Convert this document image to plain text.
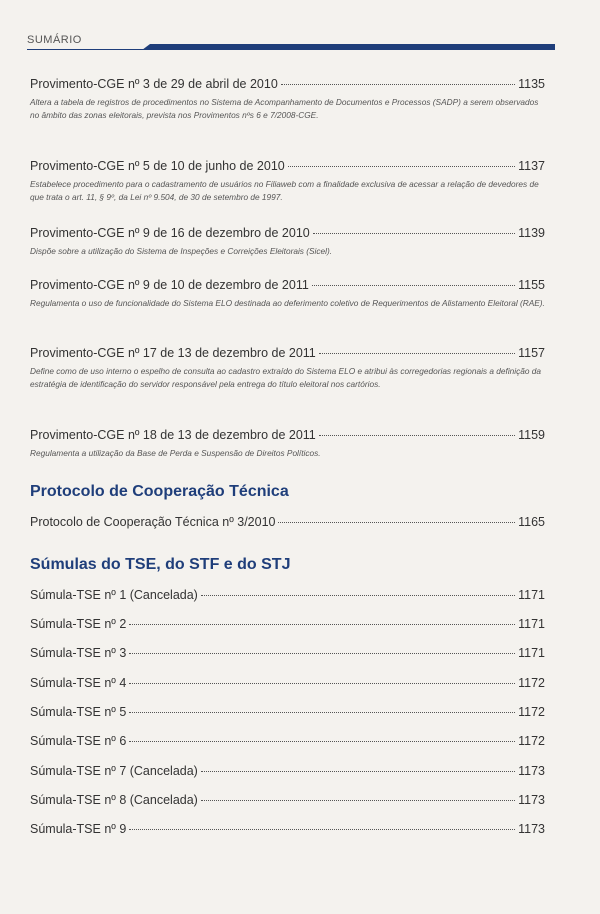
SUMÁRIO
Provimento-CGE nº 3 de 29 de abril de 2010	1135
Altera a tabela de registros de procedimentos no Sistema de Acompanhamento de Documentos e Processos (SADP) a serem observados no âmbito das zonas eleitorais, prevista nos Provimentos nºs 6 e 7/2008-CGE.
Provimento-CGE nº 5 de 10 de junho de 2010	1137
Estabelece procedimento para o cadastramento de usuários no Filiaweb com a finalidade exclusiva de acessar a relação de devedores de que trata o art. 11, § 9º, da Lei nº 9.504, de 30 de setembro de 1997.
Provimento-CGE nº 9 de 16 de dezembro de 2010	1139
Dispõe sobre a utilização do Sistema de Inspeções e Correições Eleitorais (Sicel).
Provimento-CGE nº 9 de 10 de dezembro de 2011	1155
Regulamenta o uso de funcionalidade do Sistema ELO destinada ao deferimento coletivo de Requerimentos de Alistamento Eleitoral (RAE).
Provimento-CGE nº 17 de 13 de dezembro de 2011	1157
Define como de uso interno o espelho de consulta ao cadastro extraído do Sistema ELO e atribui às corregedorias regionais a definição da estratégia de identificação do servidor responsável pela entrega do título eleitoral nos cartórios.
Provimento-CGE nº 18 de 13 de dezembro de 2011	1159
Regulamenta a utilização da Base de Perda e Suspensão de Direitos Políticos.
Protocolo de Cooperação Técnica
Protocolo de Cooperação Técnica nº 3/2010	1165
Súmulas do TSE, do STF e do STJ
Súmula-TSE nº 1 (Cancelada)	1171
Súmula-TSE nº 2	1171
Súmula-TSE nº 3	1171
Súmula-TSE nº 4	1172
Súmula-TSE nº 5	1172
Súmula-TSE nº 6	1172
Súmula-TSE nº 7 (Cancelada)	1173
Súmula-TSE nº 8 (Cancelada)	1173
Súmula-TSE nº 9	1173
